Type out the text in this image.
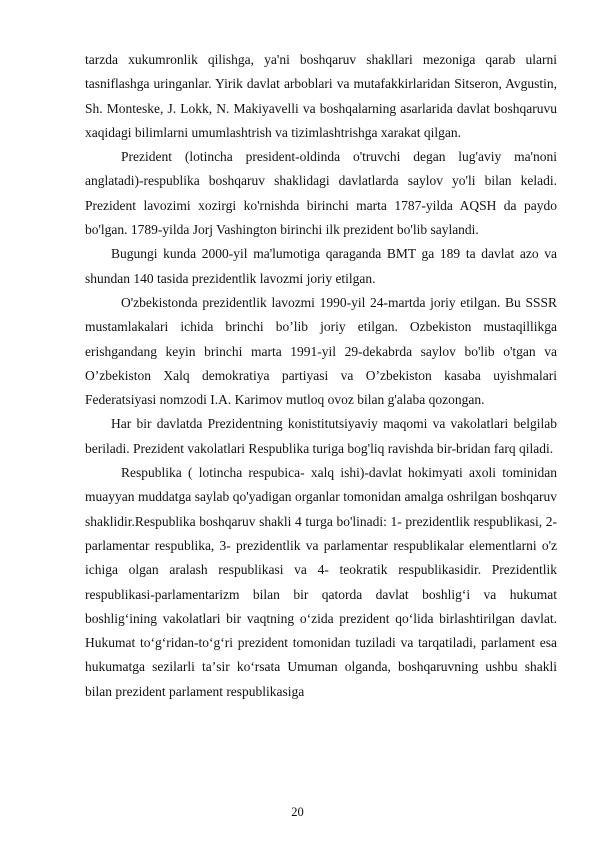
tarzda xukumronlik qilishga, ya'ni boshqaruv shakllari mezoniga qarab ularni tasniflashga uringanlar. Yirik davlat arboblari va mutafakkirlaridan Sitseron, Avgustin, Sh. Monteske, J. Lokk, N. Makiyavelli va boshqalarning asarlarida davlat boshqaruvu xaqidagi bilimlarni umumlashtrish va tizimlashtrishga xarakat qilgan.

Prezident (lotincha president-oldinda o'truvchi degan lug'aviy ma'noni anglatadi)-respublika boshqaruv shaklidagi davlatlarda saylov yo'li bilan keladi. Prezident lavozimi xozirgi ko'rnishda birinchi marta 1787-yilda AQSH da paydo bo'lgan. 1789-yilda Jorj Vashington birinchi ilk prezident bo'lib saylandi.

Bugungi kunda 2000-yil ma'lumotiga qaraganda BMT ga 189 ta davlat azo va shundan 140 tasida prezidentlik lavozmi joriy etilgan.

O'zbekistonda prezidentlik lavozmi 1990-yil 24-martda joriy etilgan. Bu SSSR mustamlakalari ichida brinchi bo’lib joriy etilgan. Ozbekiston mustaqillikga erishgandang keyin brinchi marta 1991-yil 29-dekabrda saylov bo'lib o'tgan va O’zbekiston Xalq demokratiya partiyasi va O’zbekiston kasaba uyishmalari Federatsiyasi nomzodi I.A. Karimov mutloq ovoz bilan g'alaba qozongan.

Har bir davlatda Prezidentning konistitutsiyaviy maqomi va vakolatlari belgilab beriladi. Prezident vakolatlari Respublika turiga bog'liq ravishda bir-bridan farq qiladi.

Respublika ( lotincha respubica- xalq ishi)-davlat hokimyati axoli tominidan muayyan muddatga saylab qo'yadigan organlar tomonidan amalga oshrilgan boshqaruv shaklidir.Respublika boshqaruv shakli 4 turga bo'linadi: 1- prezidentlik respublikasi, 2-parlamentar respublika, 3- prezidentlik va parlamentar respublikalar elementlarni o'z ichiga olgan aralash respublikasi va 4- teokratik respublikasidir. Prezidentlik respublikasi-parlamentarizm bilan bir qatorda davlat boshligʻi va hukumat boshligʻining vakolatlari bir vaqtning oʻzida prezident qoʻlida birlashtirilgan davlat. Hukumat toʻgʻridan-toʻgʻri prezident tomonidan tuziladi va tarqatiladi, parlament esa hukumatga sezilarli taʼsir koʻrsata Umuman olganda, boshqaruvning ushbu shakli bilan prezident parlament respublikasiga

20
